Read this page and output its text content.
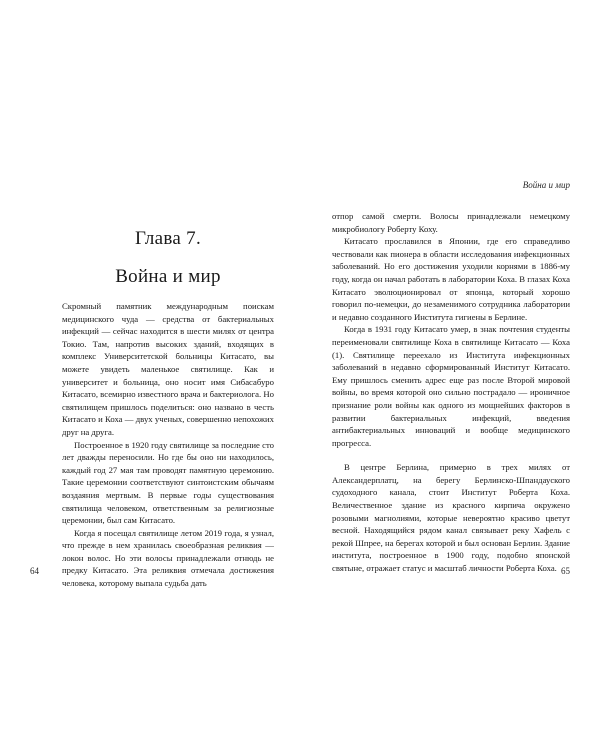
Глава 7.
Война и мир

Скромный памятник международным поискам медицинского чуда — средства от бактериальных инфекций — сейчас находится в шести милях от центра Токио. Там, напротив высоких зданий, входящих в комплекс Университетской больницы Китасато, вы можете увидеть маленькое святилище. Как и университет и больница, оно носит имя Сибасабуро Китасато, всемирно известного врача и бактериолога. Но святилищем пришлось поделиться: оно названо в честь Китасато и Коха — двух ученых, совершенно непохожих друг на друга.

Построенное в 1920 году святилище за последние сто лет дважды переносили. Но где бы оно ни находилось, каждый год 27 мая там проводят памятную церемонию. Такие церемонии соответствуют синтоистским обычаям воздаяния мертвым. В первые годы существования святилища человеком, ответственным за религиозные церемонии, был сам Китасато.

Когда я посещал святилище летом 2019 года, я узнал, что прежде в нем хранилась своеобразная реликвия — локон волос. Но эти волосы принадлежали отнюдь не предку Китасато. Эта реликвия отмечала достижения человека, которому выпала судьба дать

64
Война и мир

отпор самой смерти. Волосы принадлежали немецкому микробиологу Роберту Коху.

Китасато прославился в Японии, где его справедливо чествовали как пионера в области исследования инфекционных заболеваний. Но его достижения уходили корнями в 1886-му году, когда он начал работать в лаборатории Коха. В глазах Коха Китасато эволюционировал от японца, который хорошо говорил по-немецки, до незаменимого сотрудника лаборатории и недавно созданного Института гигиены в Берлине.

Когда в 1931 году Китасато умер, в знак почтения студенты переименовали святилище Коха в святилище Китасато — Коха (1). Святилище переехало из Института инфекционных заболеваний в недавно сформированный Институт Китасато. Ему пришлось сменить адрес еще раз после Второй мировой войны, во время которой оно сильно пострадало — ироничное признание роли войны как одного из мощнейших факторов в развитии бактериальных инфекций, введения антибактериальных инноваций и вообще медицинского прогресса.

В центре Берлина, примерно в трех милях от Александерплатц, на берегу Берлинско-Шпандауского судоходного канала, стоит Институт Роберта Коха. Величественное здание из красного кирпича окружено розовыми магнолиями, которые невероятно красиво цветут весной. Находящийся рядом канал связывает реку Хафель с рекой Шпрее, на берегах которой и был основан Берлин. Здание института, построенное в 1900 году, подобно японской святыне, отражает статус и масштаб личности Роберта Коха. 65
